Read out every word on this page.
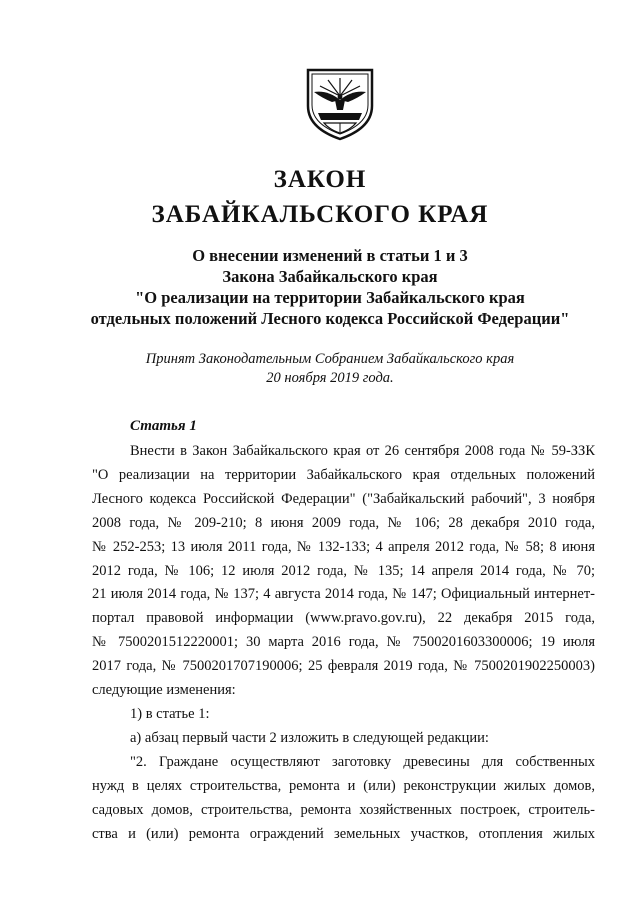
ЗАКОН
ЗАБАЙКАЛЬСКОГО КРАЯ
О внесении изменений в статьи 1 и 3
Закона Забайкальского края
"О реализации на территории Забайкальского края
отдельных положений Лесного кодекса Российской Федерации"
Принят Законодательным Собранием Забайкальского края
20 ноября 2019 года.
Статья 1
Внести в Закон Забайкальского края от 26 сентября 2008 года № 59-ЗЗК
"О реализации на территории Забайкальского края отдельных положений
Лесного кодекса Российской Федерации" ("Забайкальский рабочий", 3 ноября
2008 года, № 209-210; 8 июня 2009 года, № 106; 28 декабря 2010 года,
№ 252-253; 13 июля 2011 года, № 132-133; 4 апреля 2012 года, № 58; 8 июня
2012 года, № 106; 12 июля 2012 года, № 135; 14 апреля 2014 года, № 70;
21 июля 2014 года, № 137; 4 августа 2014 года, № 147; Официальный интернет-
портал правовой информации (www.pravo.gov.ru), 22 декабря 2015 года,
№ 7500201512220001; 30 марта 2016 года, № 7500201603300006; 19 июля
2017 года, № 7500201707190006; 25 февраля 2019 года, № 7500201902250003)
следующие изменения:
1) в статье 1:
а) абзац первый части 2 изложить в следующей редакции:
"2. Граждане осуществляют заготовку древесины для собственных
нужд в целях строительства, ремонта и (или) реконструкции жилых домов,
садовых домов, строительства, ремонта хозяйственных построек, строитель-
ства и (или) ремонта ограждений земельных участков, отопления жилых
